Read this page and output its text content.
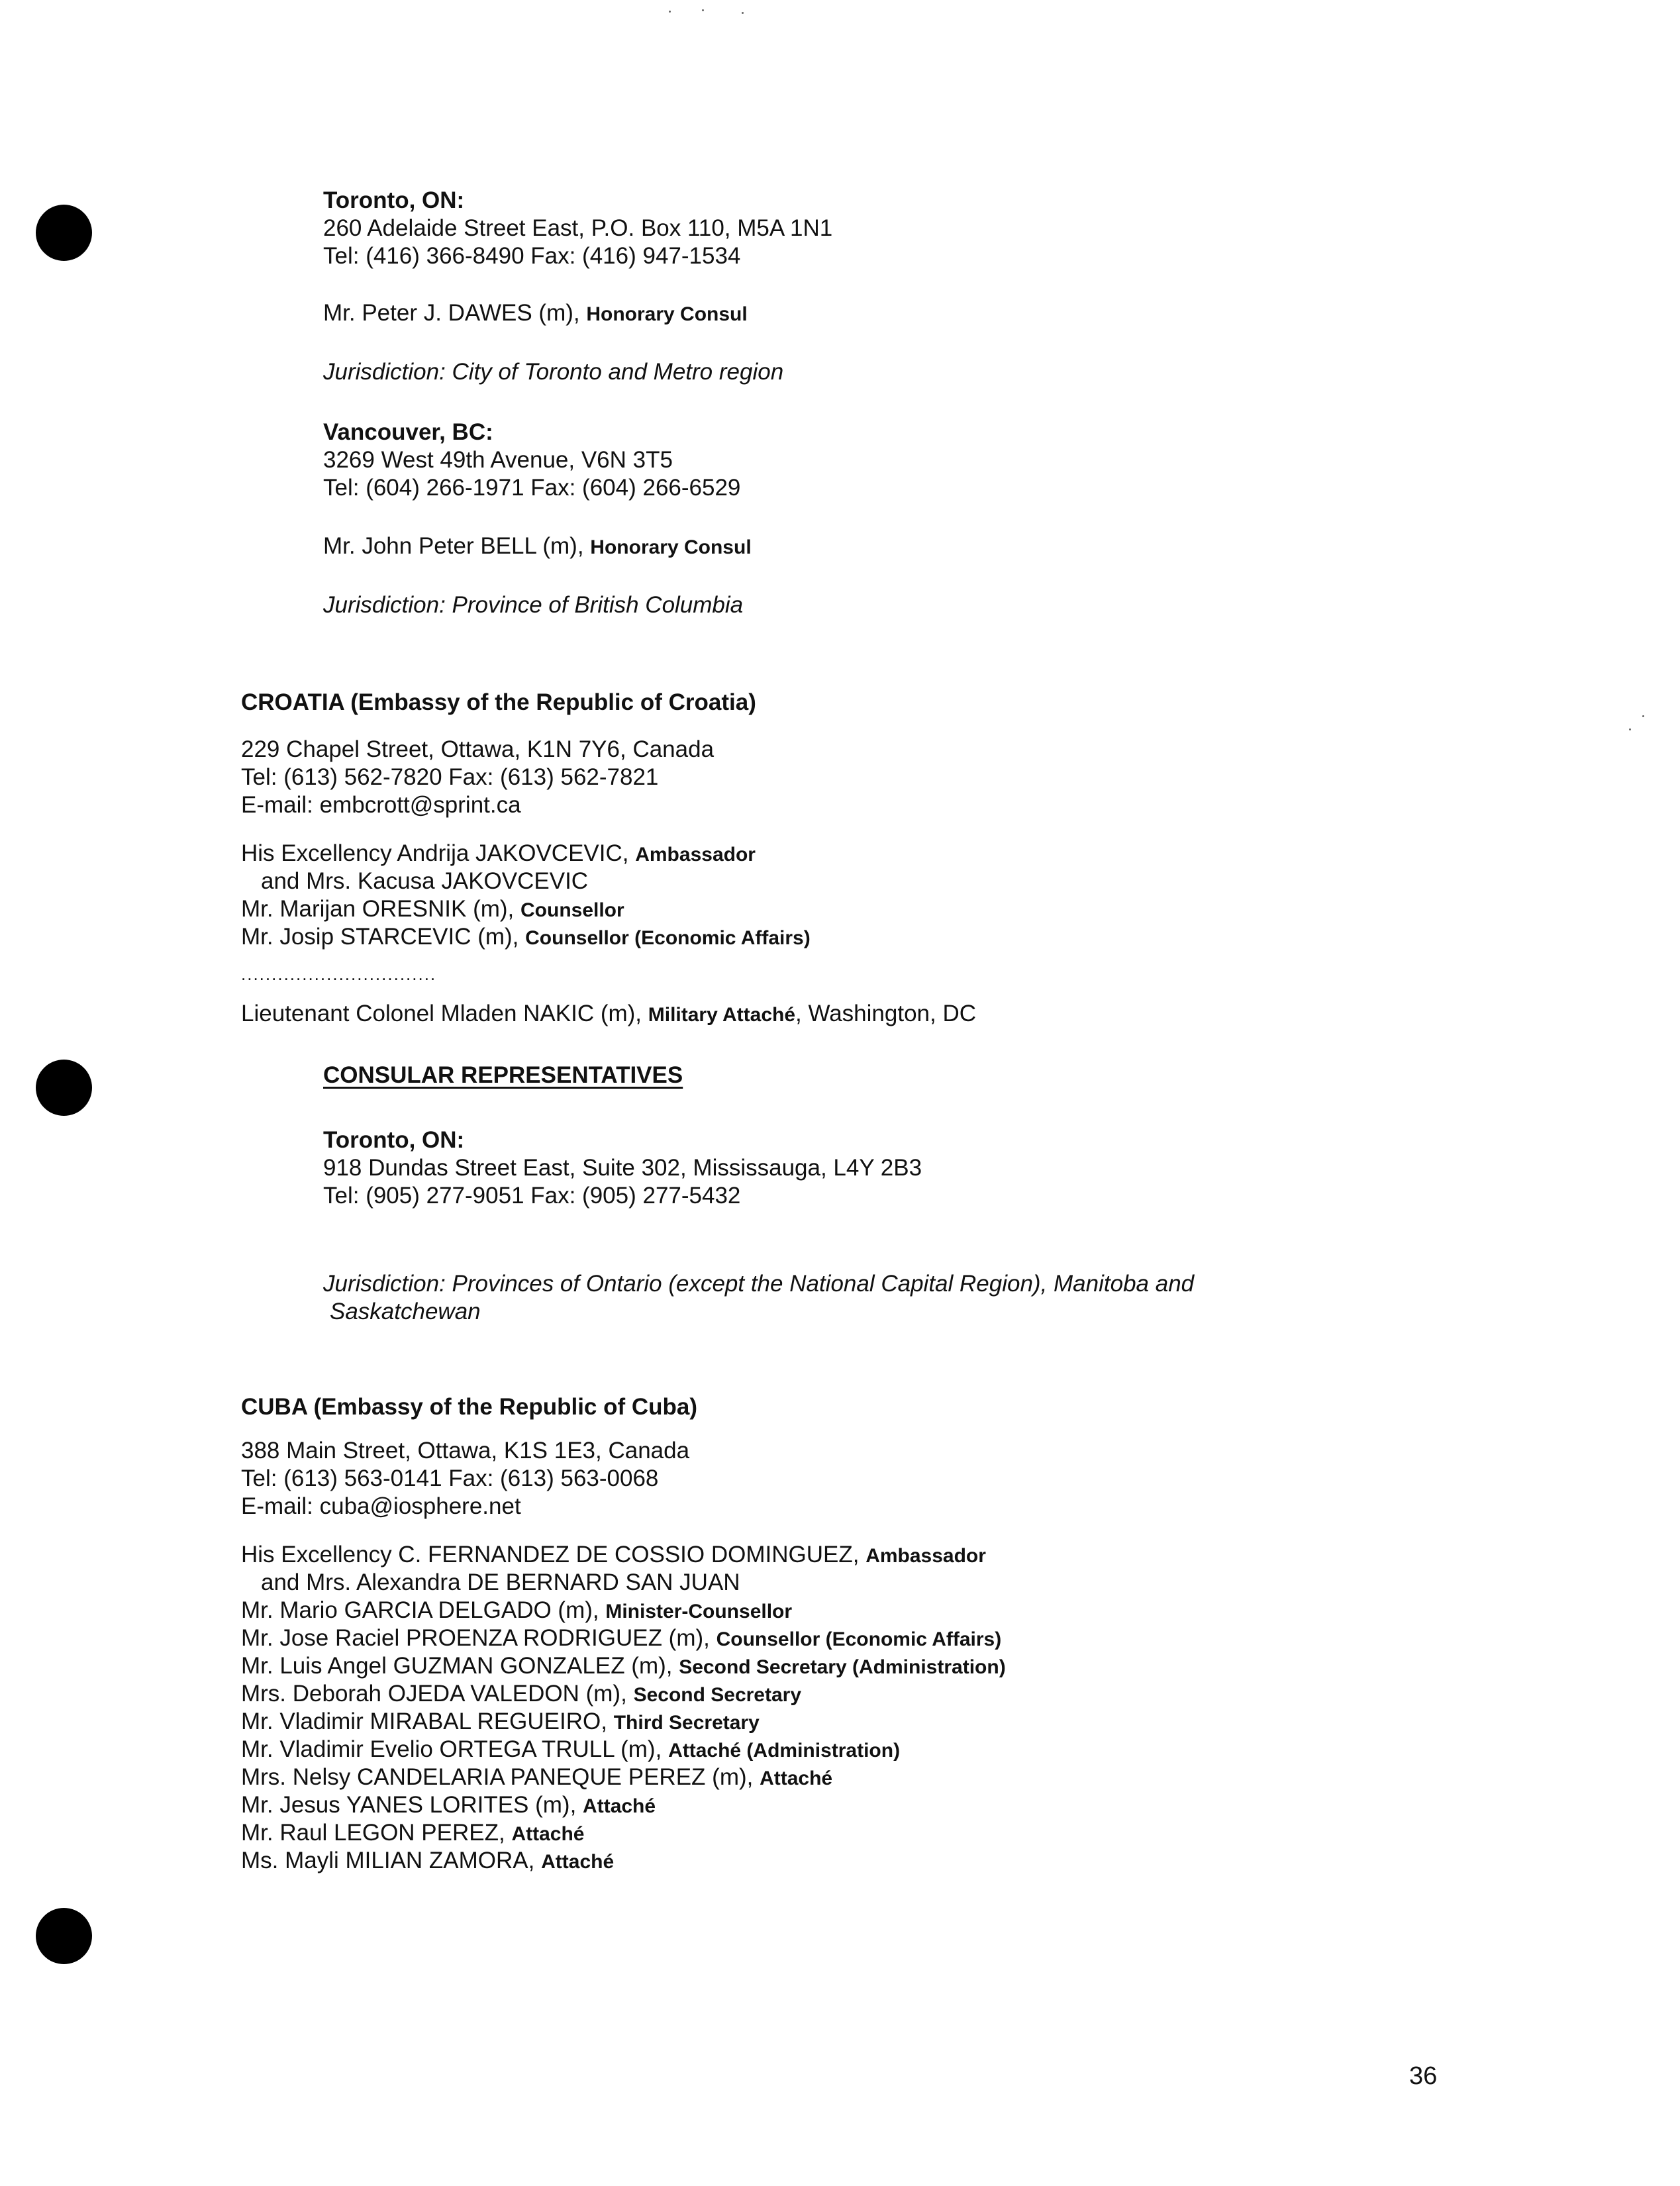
Toronto, ON:
260 Adelaide Street East, P.O. Box 110, M5A 1N1
Tel: (416) 366-8490 Fax: (416) 947-1534
Mr. Peter J. DAWES (m), Honorary Consul
Jurisdiction: City of Toronto and Metro region
Vancouver, BC:
3269 West 49th Avenue, V6N 3T5
Tel: (604) 266-1971 Fax: (604) 266-6529
Mr. John Peter BELL (m), Honorary Consul
Jurisdiction: Province of British Columbia
CROATIA (Embassy of the Republic of Croatia)
229 Chapel Street, Ottawa, K1N 7Y6, Canada
Tel: (613) 562-7820 Fax: (613) 562-7821
E-mail: embcrott@sprint.ca
His Excellency Andrija JAKOVCEVIC, Ambassador
and Mrs. Kacusa JAKOVCEVIC
Mr. Marijan ORESNIK (m), Counsellor
Mr. Josip STARCEVIC (m), Counsellor (Economic Affairs)
................................
Lieutenant Colonel Mladen NAKIC (m), Military Attaché, Washington, DC
CONSULAR REPRESENTATIVES
Toronto, ON:
918 Dundas Street East, Suite 302, Mississauga, L4Y 2B3
Tel: (905) 277-9051 Fax: (905) 277-5432
Jurisdiction: Provinces of Ontario (except the National Capital Region), Manitoba and
Saskatchewan
CUBA (Embassy of the Republic of Cuba)
388 Main Street, Ottawa, K1S 1E3, Canada
Tel: (613) 563-0141 Fax: (613) 563-0068
E-mail: cuba@iosphere.net
His Excellency C. FERNANDEZ DE COSSIO DOMINGUEZ, Ambassador
and Mrs. Alexandra DE BERNARD SAN JUAN
Mr. Mario GARCIA DELGADO (m), Minister-Counsellor
Mr. Jose Raciel PROENZA RODRIGUEZ (m), Counsellor (Economic Affairs)
Mr. Luis Angel GUZMAN GONZALEZ (m), Second Secretary (Administration)
Mrs. Deborah OJEDA VALEDON (m), Second Secretary
Mr. Vladimir MIRABAL REGUEIRO, Third Secretary
Mr. Vladimir Evelio ORTEGA TRULL (m), Attaché (Administration)
Mrs. Nelsy CANDELARIA PANEQUE PEREZ (m), Attaché
Mr. Jesus YANES LORITES (m), Attaché
Mr. Raul LEGON PEREZ, Attaché
Ms. Mayli MILIAN ZAMORA, Attaché
36
